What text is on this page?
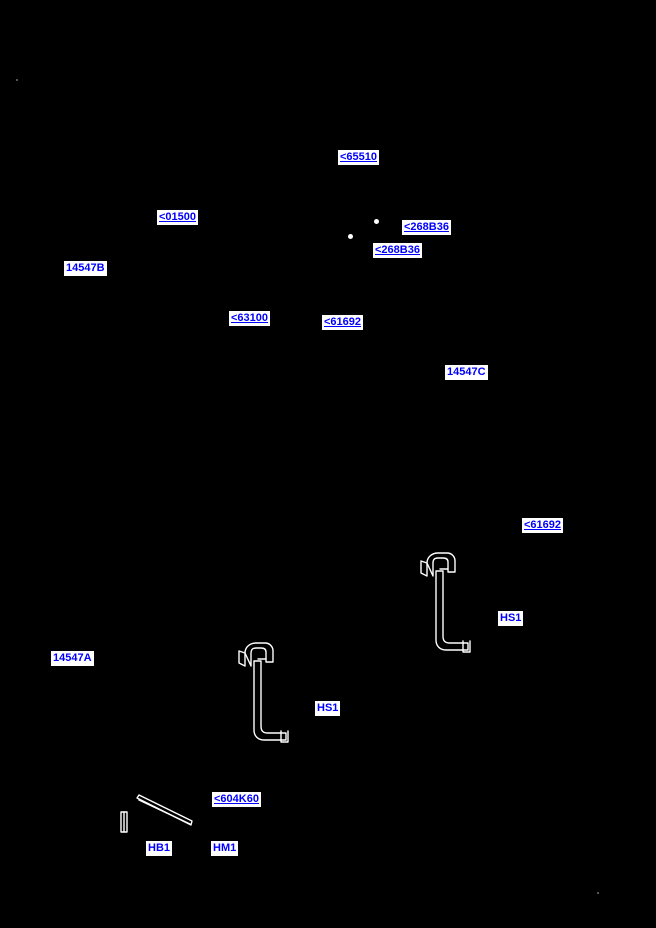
<65510
<01500
<268B36
<268B36
14547B
<63100	<61692
14547C
<61692
HS1
14547A
HS1
<604K60
HB1	HM1
